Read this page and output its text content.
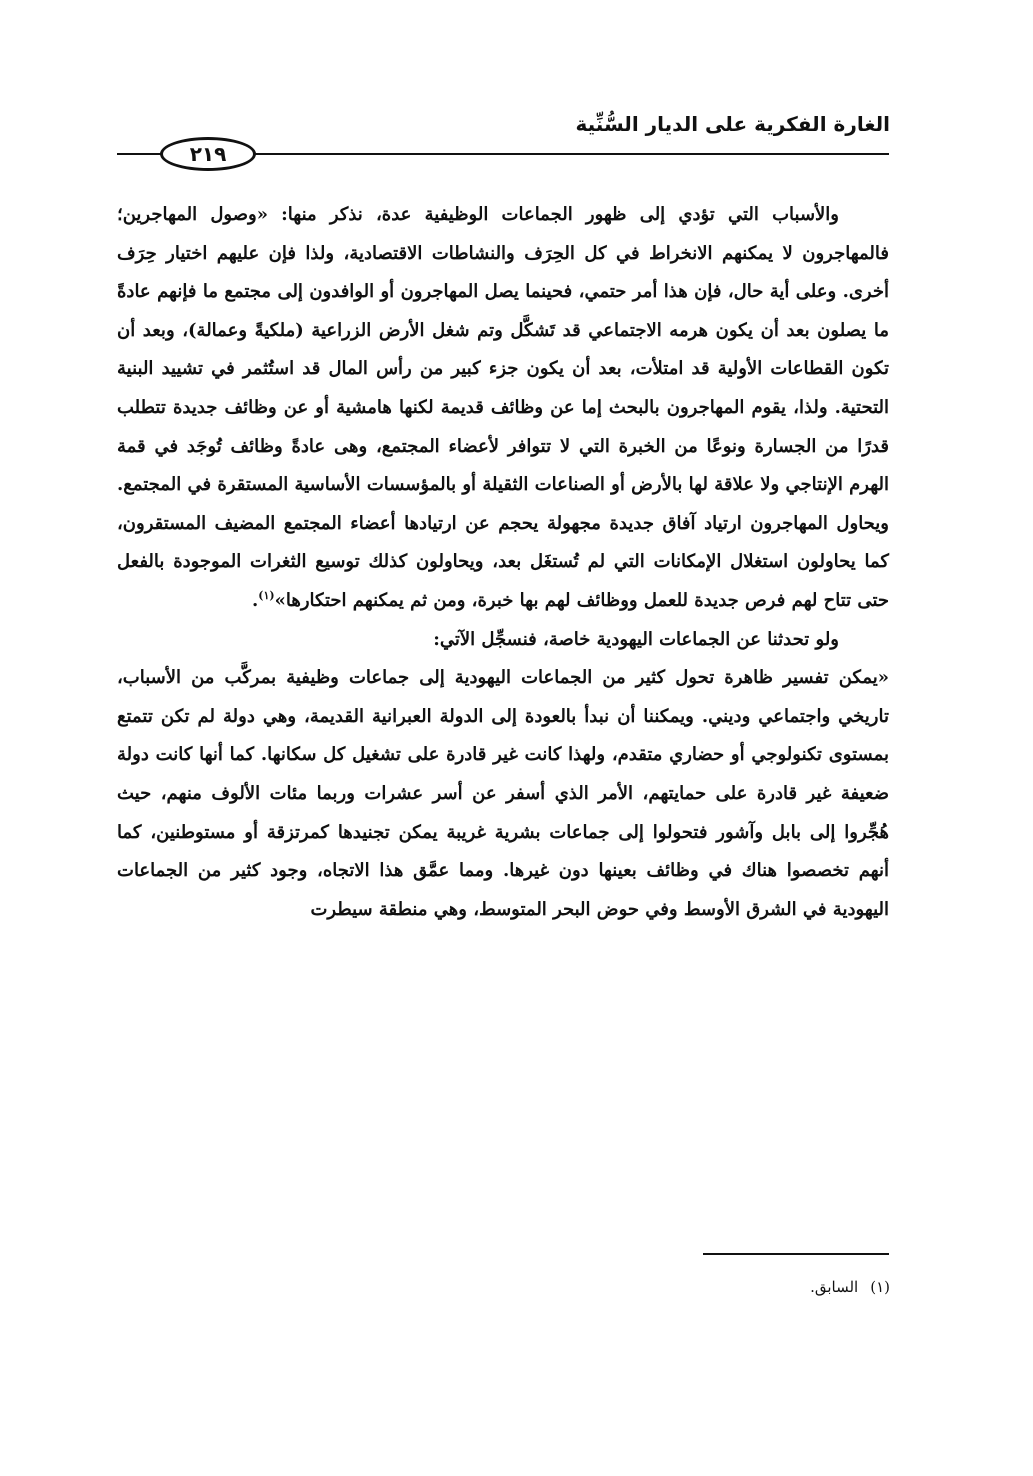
الغارة الفكرية على الديار السُّنِّية
٢١٩

والأسباب التي تؤدي إلى ظهور الجماعات الوظيفية عدة، نذكر منها: «وصول المهاجرين؛ فالمهاجرون لا يمكنهم الانخراط في كل الحِرَف والنشاطات الاقتصادية، ولذا فإن عليهم اختيار حِرَف أخرى. وعلى أية حال، فإن هذا أمر حتمي، فحينما يصل المهاجرون أو الوافدون إلى مجتمع ما فإنهم عادةً ما يصلون بعد أن يكون هرمه الاجتماعي قد تَشكَّل وتم شغل الأرض الزراعية (ملكيةً وعمالة)، وبعد أن تكون القطاعات الأولية قد امتلأت، بعد أن يكون جزء كبير من رأس المال قد استُثمر في تشييد البنية التحتية. ولذا، يقوم المهاجرون بالبحث إما عن وظائف قديمة لكنها هامشية أو عن وظائف جديدة تتطلب قدرًا من الجسارة ونوعًا من الخبرة التي لا تتوافر لأعضاء المجتمع، وهى عادةً وظائف تُوجَد في قمة الهرم الإنتاجي ولا علاقة لها بالأرض أو الصناعات الثقيلة أو بالمؤسسات الأساسية المستقرة في المجتمع. ويحاول المهاجرون ارتياد آفاق جديدة مجهولة يحجم عن ارتيادها أعضاء المجتمع المضيف المستقرون، كما يحاولون استغلال الإمكانات التي لم تُستغَل بعد، ويحاولون كذلك توسيع الثغرات الموجودة بالفعل حتى تتاح لهم فرص جديدة للعمل ووظائف لهم بها خبرة، ومن ثم يمكنهم احتكارها»$^{(١)}$.

ولو تحدثنا عن الجماعات اليهودية خاصة، فنسجِّل الآتي:

«يمكن تفسير ظاهرة تحول كثير من الجماعات اليهودية إلى جماعات وظيفية بمركَّب من الأسباب، تاريخي واجتماعي وديني. ويمكننا أن نبدأ بالعودة إلى الدولة العبرانية القديمة، وهي دولة لم تكن تتمتع بمستوى تكنولوجي أو حضاري متقدم، ولهذا كانت غير قادرة على تشغيل كل سكانها. كما أنها كانت دولة ضعيفة غير قادرة على حمايتهم، الأمر الذي أسفر عن أسر عشرات وربما مئات الألوف منهم، حيث هُجِّروا إلى بابل وآشور فتحولوا إلى جماعات بشرية غريبة يمكن تجنيدها كمرتزقة أو مستوطنين، كما أنهم تخصصوا هناك في وظائف بعينها دون غيرها. ومما عمَّق هذا الاتجاه، وجود كثير من الجماعات اليهودية في الشرق الأوسط وفي حوض البحر المتوسط، وهي منطقة سيطرت

(١)السابق.
